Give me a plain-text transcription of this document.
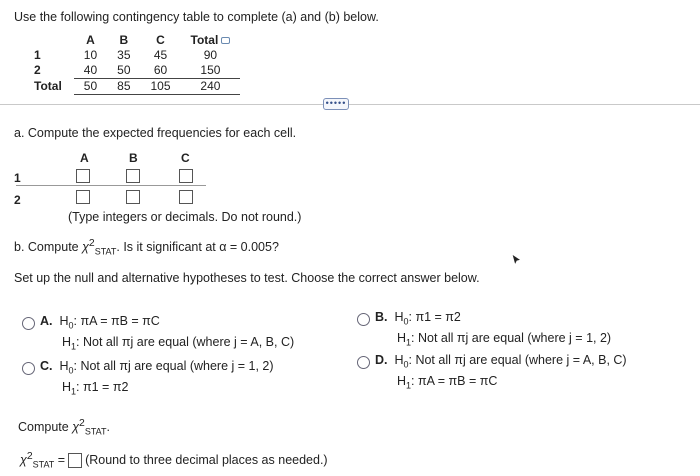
Use the following contingency table to complete (a) and (b) below.
	A	B	C	Total
1	10	35	45	90
2	40	50	60	150
Total	50	85	105	240
•••••
a. Compute the expected frequencies for each cell.
A	B	C
1
2
(Type integers or decimals. Do not round.)
b. Compute $\chi^2_{STAT}$. Is it significant at α = 0.005?
Set up the null and alternative hypotheses to test. Choose the correct answer below.
A. $H_0$: πA = πB = πC
$H_1$: Not all πj are equal (where j = A, B, C)
B. $H_0$: π1 = π2
$H_1$: Not all πj are equal (where j = 1, 2)
C. $H_0$: Not all πj are equal (where j = 1, 2)
$H_1$: π1 = π2
D. $H_0$: Not all πj are equal (where j = A, B, C)
$H_1$: πA = πB = πC
Compute $\chi^2_{STAT}$.
$\chi^2_{STAT}$ = (Round to three decimal places as needed.)
